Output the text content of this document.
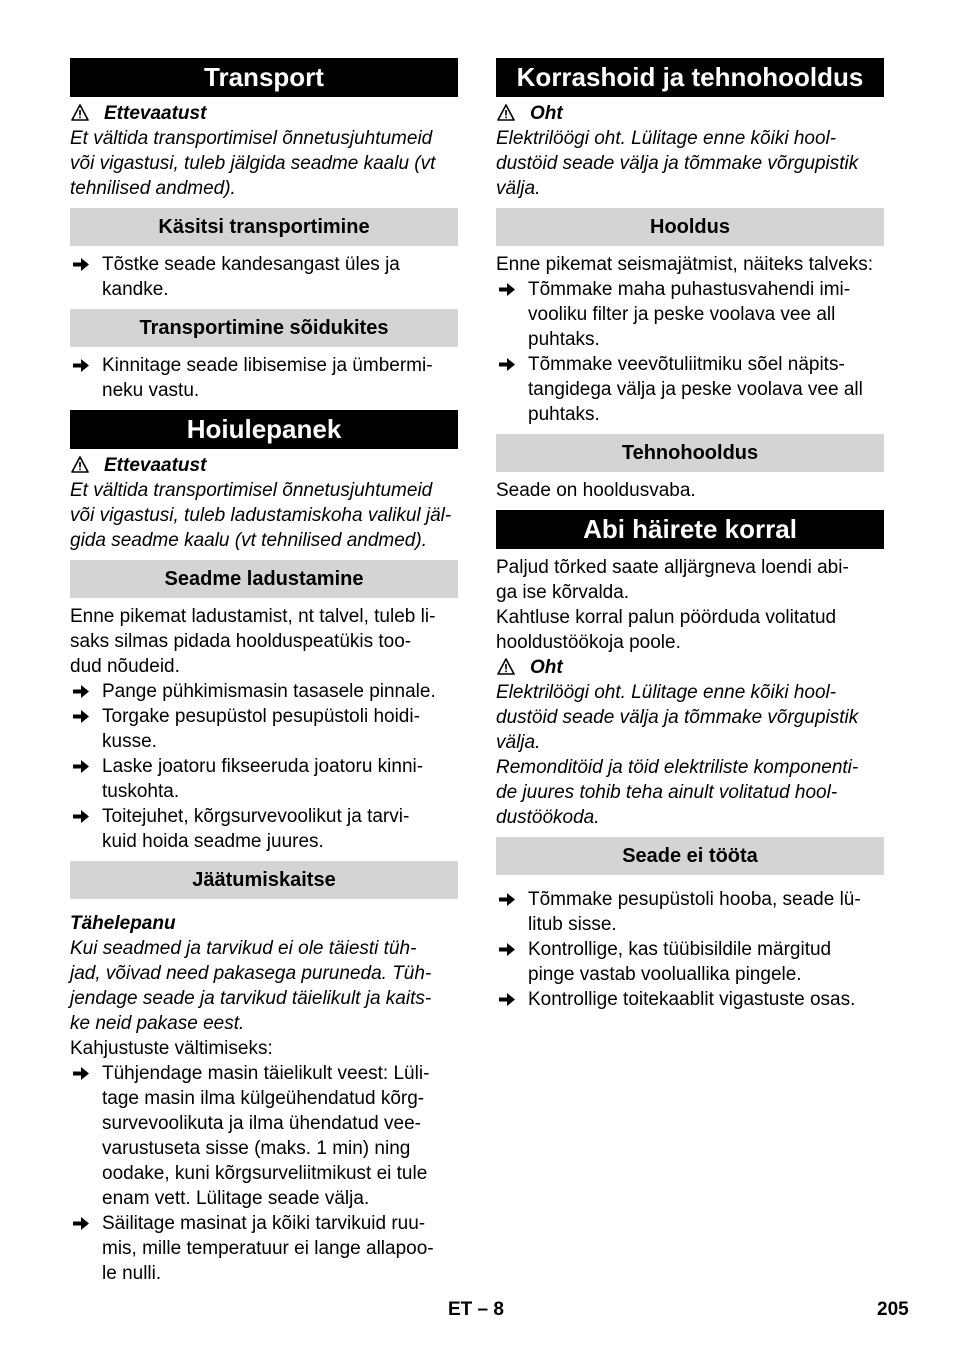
Transport
Ettevaatust
Et vältida transportimisel õnnetusjuhtumeid
või vigastusi, tuleb jälgida seadme kaalu (vt
tehnilised andmed).
Käsitsi transportimine
Tõstke seade kandesangast üles ja
kandke.
Transportimine sõidukites
Kinnitage seade libisemise ja ümbermi-
neku vastu.
Hoiulepanek
Ettevaatust
Et vältida transportimisel õnnetusjuhtumeid
või vigastusi, tuleb ladustamiskoha valikul jäl-
gida seadme kaalu (vt tehnilised andmed).
Seadme ladustamine
Enne pikemat ladustamist, nt talvel, tuleb li-
saks silmas pidada hoolduspeatükis too-
dud nõudeid.
Pange pühkimismasin tasasele pinnale.
Torgake pesupüstol pesupüstoli hoidi-
kusse.
Laske joatoru fikseeruda joatoru kinni-
tuskohta.
Toitejuhet, kõrgsurvevoolikut ja tarvi-
kuid hoida seadme juures.
Jäätumiskaitse
Tähelepanu
Kui seadmed ja tarvikud ei ole täiesti tüh-
jad, võivad need pakasega puruneda. Tüh-
jendage seade ja tarvikud täielikult ja kaits-
ke neid pakase eest.
Kahjustuste vältimiseks:
Tühjendage masin täielikult veest: Lüli-
tage masin ilma külgeühendatud kõrg-
survevoolikuta ja ilma ühendatud vee-
varustuseta sisse (maks. 1 min) ning
oodake, kuni kõrgsurveliitmikust ei tule
enam vett. Lülitage seade välja.
Säilitage masinat ja kõiki tarvikuid ruu-
mis, mille temperatuur ei lange allapoo-
le nulli.
Korrashoid ja tehnohooldus
Oht
Elektrilöögi oht. Lülitage enne kõiki hool-
dustöid seade välja ja tõmmake võrgupistik
välja.
Hooldus
Enne pikemat seismajätmist, näiteks talveks:
Tõmmake maha puhastusvahendi imi-
vooliku filter ja peske voolava vee all
puhtaks.
Tõmmake veevõtuliitmiku sõel näpits-
tangidega välja ja peske voolava vee all
puhtaks.
Tehnohooldus
Seade on hooldusvaba.
Abi häirete korral
Paljud tõrked saate alljärgneva loendi abi-
ga ise kõrvalda.
Kahtluse korral palun pöörduda volitatud
hooldustöökoja poole.
Oht
Elektrilöögi oht. Lülitage enne kõiki hool-
dustöid seade välja ja tõmmake võrgupistik
välja.
Remonditöid ja töid elektriliste komponenti-
de juures tohib teha ainult volitatud hool-
dustöökoda.
Seade ei tööta
Tõmmake pesupüstoli hooba, seade lü-
litub sisse.
Kontrollige, kas tüübisildile märgitud
pinge vastab vooluallika pingele.
Kontrollige toitekaablit vigastuste osas.
ET – 8	205
